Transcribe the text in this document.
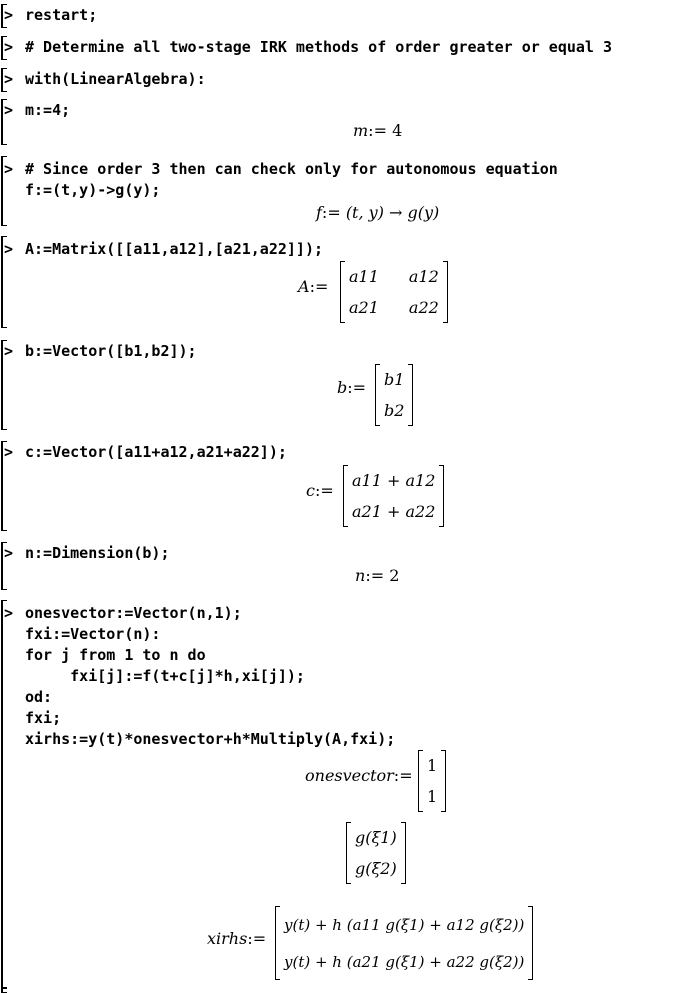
> restart;
> # Determine all two-stage IRK methods of order greater or equal 3
> with(LinearAlgebra):
> m:=4;
m:= 4
> # Since order 3 then can check only for autonomous equation
f:=(t,y)->g(y);
f:= (t, y) → g(y)
> A:=Matrix([[a11,a12],[a21,a22]]);
A:=
a11 a12
a21 a22
> b:=Vector([b1,b2]);
b:= b1
b2
> c:=Vector([a11+a12,a21+a22]);
c:=
a11 + a12
a21 + a22
> n:=Dimension(b);
n:= 2
> onesvector:=Vector(n,1);
fxi:=Vector(n):
for j from 1 to n do
fxi[j]:=f(t+c[j]*h,xi[j]);
od:
fxi;
xirhs:=y(t)*onesvector+h*Multiply(A,fxi);
onesvector:=
1
1
g(ξ1)
g(ξ2)
xirhs:=
y(t) + h (a11 g(ξ1) + a12 g(ξ2))
y(t) + h (a21 g(ξ1) + a22 g(ξ2))
